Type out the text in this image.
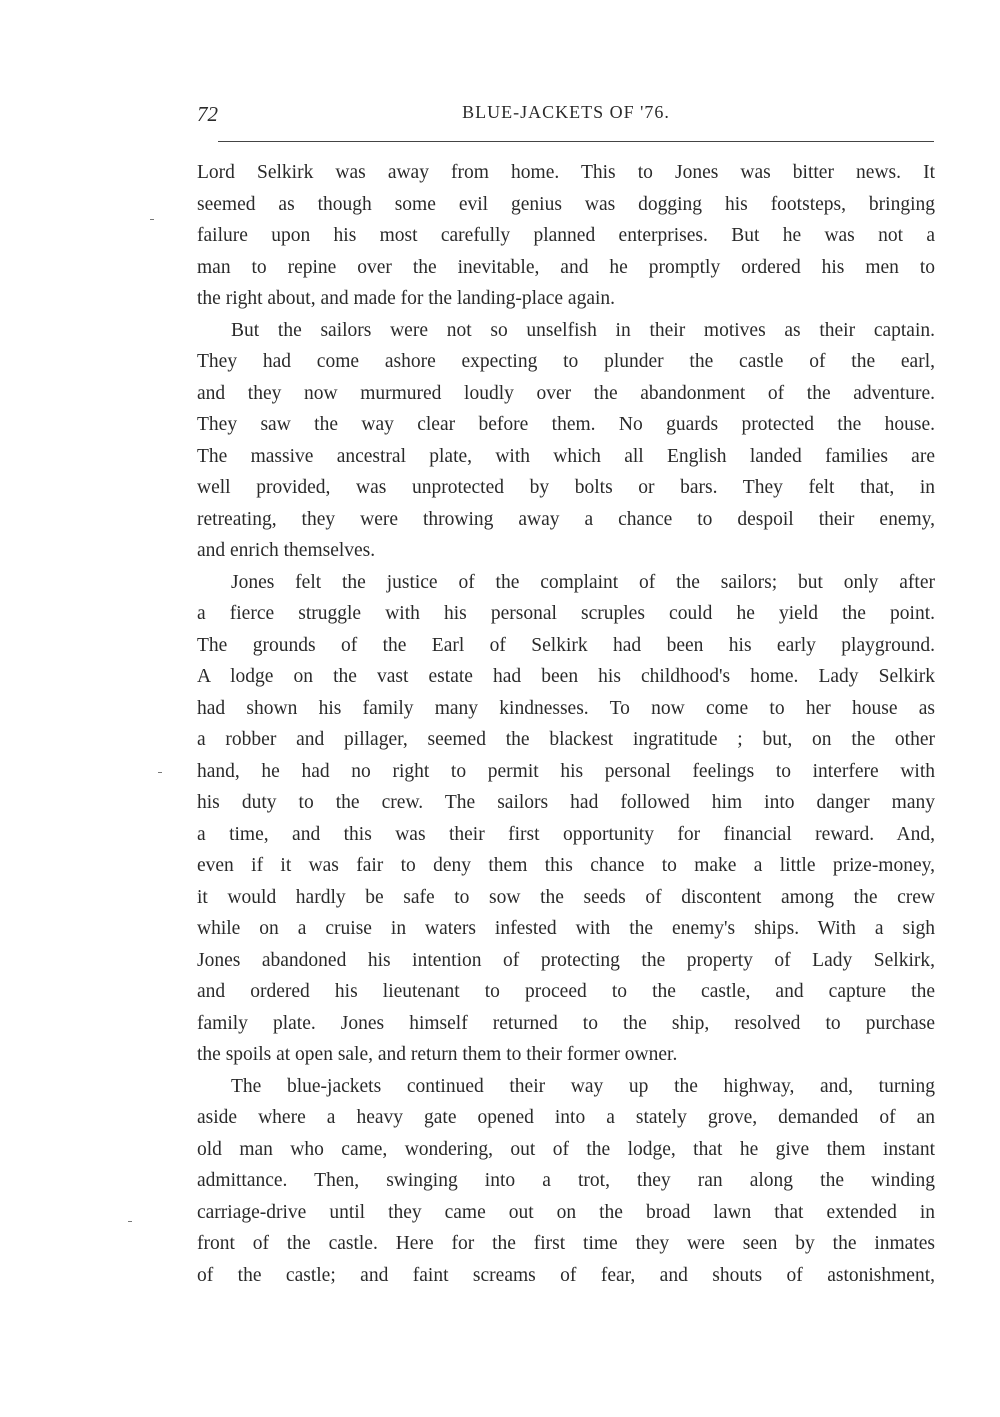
72	BLUE-JACKETS OF '76.
Lord Selkirk was away from home. This to Jones was bitter news. It
seemed as though some evil genius was dogging his footsteps, bringing
failure upon his most carefully planned enterprises. But he was not a
man to repine over the inevitable, and he promptly ordered his men to
the right about, and made for the landing-place again.
But the sailors were not so unselfish in their motives as their captain.
They had come ashore expecting to plunder the castle of the earl,
and they now murmured loudly over the abandonment of the adventure.
They saw the way clear before them. No guards protected the house.
The massive ancestral plate, with which all English landed families are
well provided, was unprotected by bolts or bars. They felt that, in
retreating, they were throwing away a chance to despoil their enemy,
and enrich themselves.
Jones felt the justice of the complaint of the sailors; but only after
a fierce struggle with his personal scruples could he yield the point.
The grounds of the Earl of Selkirk had been his early playground.
A lodge on the vast estate had been his childhood's home. Lady Selkirk
had shown his family many kindnesses. To now come to her house as
a robber and pillager, seemed the blackest ingratitude ; but, on the other
hand, he had no right to permit his personal feelings to interfere with
his duty to the crew. The sailors had followed him into danger many
a time, and this was their first opportunity for financial reward. And,
even if it was fair to deny them this chance to make a little prize-money,
it would hardly be safe to sow the seeds of discontent among the crew
while on a cruise in waters infested with the enemy's ships. With a sigh
Jones abandoned his intention of protecting the property of Lady Selkirk,
and ordered his lieutenant to proceed to the castle, and capture the
family plate. Jones himself returned to the ship, resolved to purchase
the spoils at open sale, and return them to their former owner.
The blue-jackets continued their way up the highway, and, turning
aside where a heavy gate opened into a stately grove, demanded of an
old man who came, wondering, out of the lodge, that he give them instant
admittance. Then, swinging into a trot, they ran along the winding
carriage-drive until they came out on the broad lawn that extended in
front of the castle. Here for the first time they were seen by the inmates
of the castle; and faint screams of fear, and shouts of astonishment,
